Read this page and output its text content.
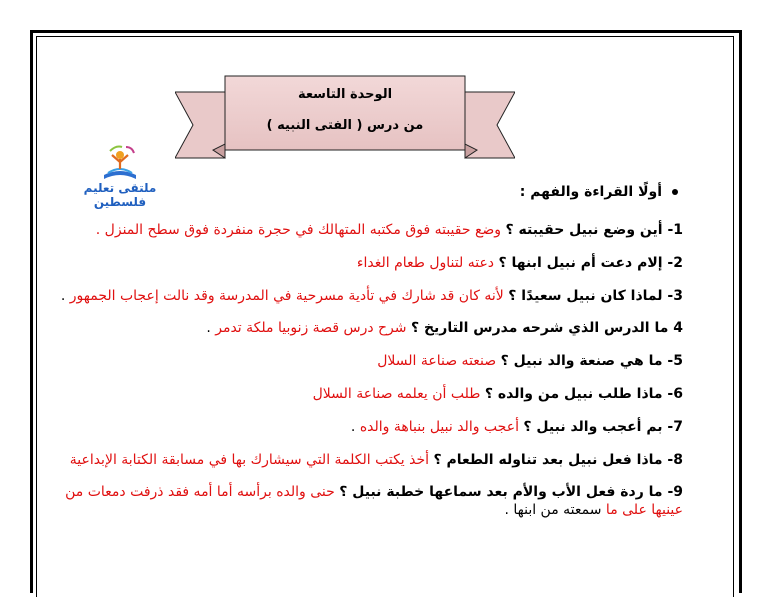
الوحدة التاسعة
من درس ( الفتى النبيه )
ملتقى تعليم فلسطين
أولًا القراءة والفهم :
1- أين وضع نبيل حقيبته ؟ وضع حقيبته فوق مكتبه المتهالك في حجرة منفردة فوق سطح المنزل .
2- إلام دعت أم نبيل ابنها ؟ دعته لتناول طعام الغداء
3- لماذا كان نبيل سعيدًا ؟ لأنه كان قد شارك في تأدية مسرحية في المدرسة وقد نالت إعجاب الجمهور .
4 ما الدرس الذي شرحه مدرس التاريخ ؟ شرح درس قصة زنوبيا ملكة تدمر .
5- ما هي صنعة والد نبيل ؟ صنعته صناعة السلال
6- ماذا طلب نبيل من والده ؟ طلب أن يعلمه صناعة السلال
7- بم أعجب والد نبيل ؟ أعجب والد نبيل بنباهة والده .
8- ماذا فعل نبيل بعد تناوله الطعام ؟ أخذ يكتب الكلمة التي سيشارك بها في مسابقة الكتابة الإبداعية
9- ما ردة فعل الأب والأم بعد سماعها خطبة نبيل ؟ حنى والده برأسه أما أمه فقد ذرفت دمعات من عينيها على ما سمعته من ابنها .
